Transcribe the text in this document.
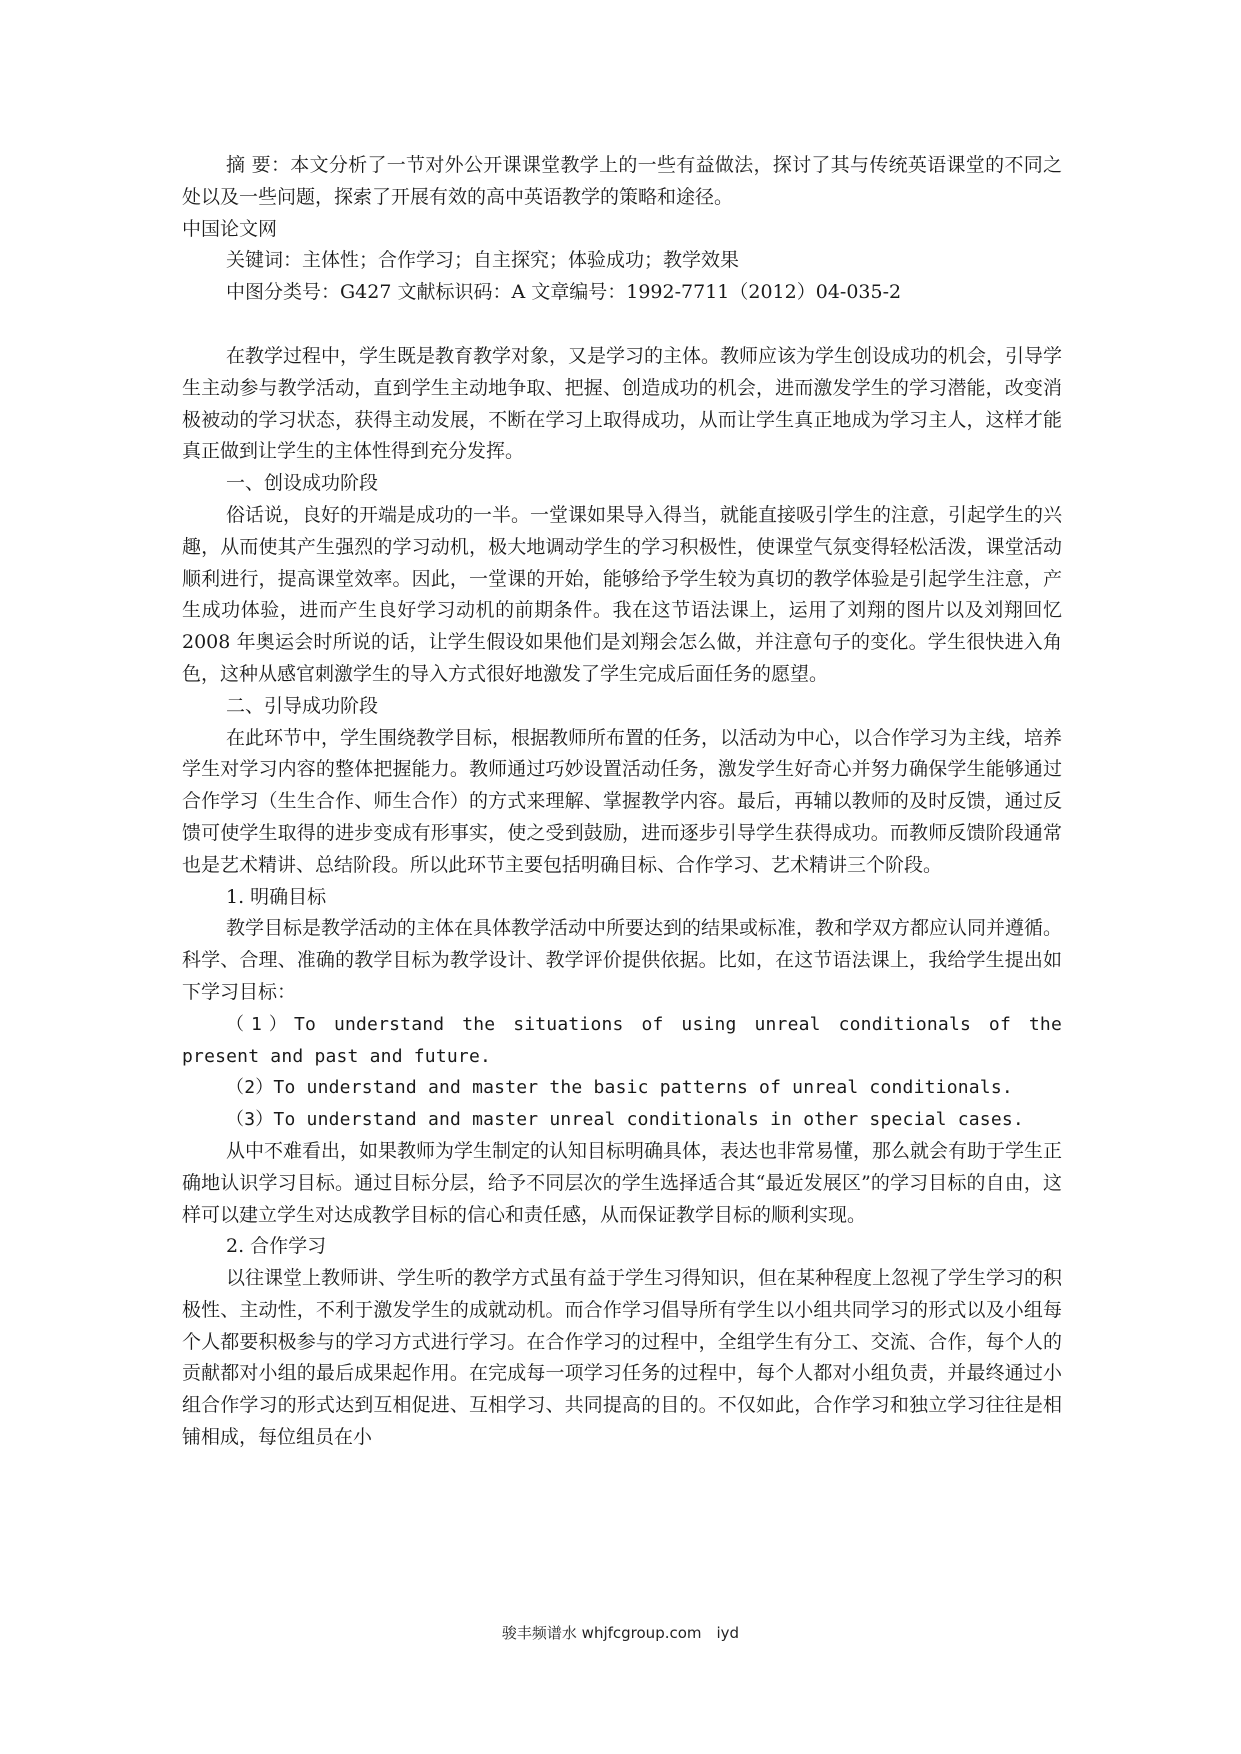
摘 要：本文分析了一节对外公开课课堂教学上的一些有益做法，探讨了其与传统英语课堂的不同之处以及一些问题，探索了开展有效的高中英语教学的策略和途径。

中国论文网

关键词：主体性；合作学习；自主探究；体验成功；教学效果

中图分类号：G427 文献标识码：A 文章编号：1992-7711（2012）04-035-2

在教学过程中，学生既是教育教学对象，又是学习的主体。教师应该为学生创设成功的机会，引导学生主动参与教学活动，直到学生主动地争取、把握、创造成功的机会，进而激发学生的学习潜能，改变消极被动的学习状态，获得主动发展，不断在学习上取得成功，从而让学生真正地成为学习主人，这样才能真正做到让学生的主体性得到充分发挥。

一、创设成功阶段

俗话说，良好的开端是成功的一半。一堂课如果导入得当，就能直接吸引学生的注意，引起学生的兴趣，从而使其产生强烈的学习动机，极大地调动学生的学习积极性，使课堂气氛变得轻松活泼，课堂活动顺利进行，提高课堂效率。因此，一堂课的开始，能够给予学生较为真切的教学体验是引起学生注意，产生成功体验，进而产生良好学习动机的前期条件。我在这节语法课上，运用了刘翔的图片以及刘翔回忆 2008 年奥运会时所说的话，让学生假设如果他们是刘翔会怎么做，并注意句子的变化。学生很快进入角色，这种从感官刺激学生的导入方式很好地激发了学生完成后面任务的愿望。

二、引导成功阶段

在此环节中，学生围绕教学目标，根据教师所布置的任务，以活动为中心，以合作学习为主线，培养学生对学习内容的整体把握能力。教师通过巧妙设置活动任务，激发学生好奇心并努力确保学生能够通过合作学习（生生合作、师生合作）的方式来理解、掌握教学内容。最后，再辅以教师的及时反馈，通过反馈可使学生取得的进步变成有形事实，使之受到鼓励，进而逐步引导学生获得成功。而教师反馈阶段通常也是艺术精讲、总结阶段。所以此环节主要包括明确目标、合作学习、艺术精讲三个阶段。

1. 明确目标

教学目标是教学活动的主体在具体教学活动中所要达到的结果或标准，教和学双方都应认同并遵循。科学、合理、准确的教学目标为教学设计、教学评价提供依据。比如，在这节语法课上，我给学生提出如下学习目标：

（1）To understand the situations of using unreal conditionals of the present and past and future.

（2）To understand and master the basic patterns of unreal conditionals.

（3）To understand and master unreal conditionals in other special cases.

从中不难看出，如果教师为学生制定的认知目标明确具体，表达也非常易懂，那么就会有助于学生正确地认识学习目标。通过目标分层，给予不同层次的学生选择适合其“最近发展区”的学习目标的自由，这样可以建立学生对达成教学目标的信心和责任感，从而保证教学目标的顺利实现。

2. 合作学习

以往课堂上教师讲、学生听的教学方式虽有益于学生习得知识，但在某种程度上忽视了学生学习的积极性、主动性，不利于激发学生的成就动机。而合作学习倡导所有学生以小组共同学习的形式以及小组每个人都要积极参与的学习方式进行学习。在合作学习的过程中，全组学生有分工、交流、合作，每个人的贡献都对小组的最后成果起作用。在完成每一项学习任务的过程中，每个人都对小组负责，并最终通过小组合作学习的形式达到互相促进、互相学习、共同提高的目的。不仅如此，合作学习和独立学习往往是相铺相成，每位组员在小

骏丰频谱水 whjfcgroup.com　iyd
